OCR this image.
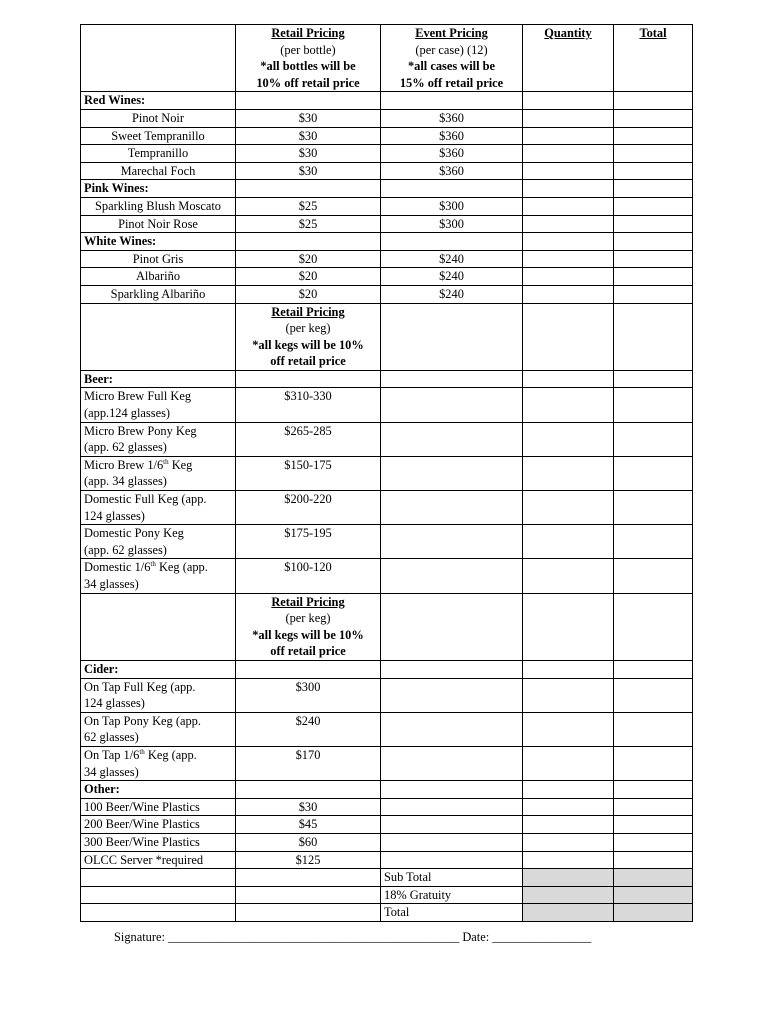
	Retail Pricing
(per bottle)
*all bottles will be
10% off retail price	Event Pricing
(per case) (12)
*all cases will be
15% off retail price	Quantity	Total
Red Wines:				
Pinot Noir	$30	$360		
Sweet Tempranillo	$30	$360		
Tempranillo	$30	$360		
Marechal Foch	$30	$360		
Pink Wines:				
Sparkling Blush Moscato	$25	$300		
Pinot Noir Rose	$25	$300		
White Wines:				
Pinot Gris	$20	$240		
Albariño	$20	$240		
Sparkling Albariño	$20	$240		
	Retail Pricing
(per keg)
*all kegs will be 10%
off retail price			
Beer:				
Micro Brew Full Keg
(app.124 glasses)	$310-330			
Micro Brew Pony Keg
(app. 62 glasses)	$265-285			
Micro Brew 1/6th Keg
(app. 34 glasses)	$150-175			
Domestic Full Keg (app.
124 glasses)	$200-220			
Domestic Pony Keg
(app. 62 glasses)	$175-195			
Domestic 1/6th Keg (app.
34 glasses)	$100-120			
	Retail Pricing
(per keg)
*all kegs will be 10%
off retail price			
Cider:				
On Tap Full Keg (app.
124 glasses)	$300			
On Tap Pony Keg (app.
62 glasses)	$240			
On Tap 1/6th Keg (app.
34 glasses)	$170			
Other:				
100 Beer/Wine Plastics	$30			
200 Beer/Wine Plastics	$45			
300 Beer/Wine Plastics	$60			
OLCC Server *required	$125			
		Sub Total		
		18% Gratuity		
		Total		
Signature: _______________________________________________ Date: ________________
